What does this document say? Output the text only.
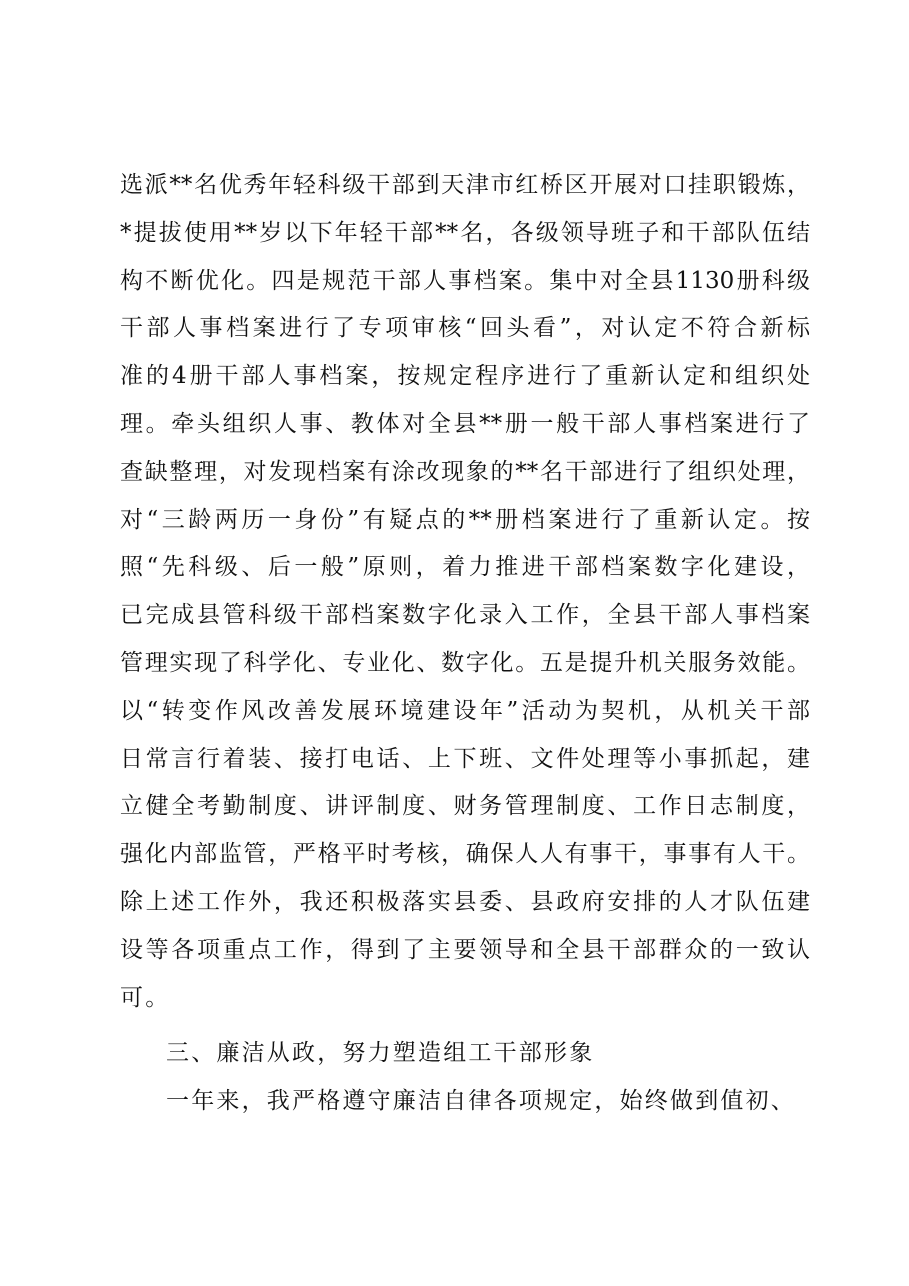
选派**名优秀年轻科级干部到天津市红桥区开展对口挂职锻炼，
*提拔使用**岁以下年轻干部**名，各级领导班子和干部队伍结
构不断优化。四是规范干部人事档案。集中对全县1130册科级
干部人事档案进行了专项审核“回头看”，对认定不符合新标
准的4册干部人事档案，按规定程序进行了重新认定和组织处
理。牵头组织人事、教体对全县**册一般干部人事档案进行了
查缺整理，对发现档案有涂改现象的**名干部进行了组织处理，
对“三龄两历一身份”有疑点的**册档案进行了重新认定。按
照“先科级、后一般”原则，着力推进干部档案数字化建设，
已完成县管科级干部档案数字化录入工作，全县干部人事档案
管理实现了科学化、专业化、数字化。五是提升机关服务效能。
以“转变作风改善发展环境建设年”活动为契机，从机关干部
日常言行着装、接打电话、上下班、文件处理等小事抓起，建
立健全考勤制度、讲评制度、财务管理制度、工作日志制度，
强化内部监管，严格平时考核，确保人人有事干，事事有人干。
除上述工作外，我还积极落实县委、县政府安排的人才队伍建
设等各项重点工作，得到了主要领导和全县干部群众的一致认
可。
三、廉洁从政，努力塑造组工干部形象
一年来，我严格遵守廉洁自律各项规定，始终做到值初、
